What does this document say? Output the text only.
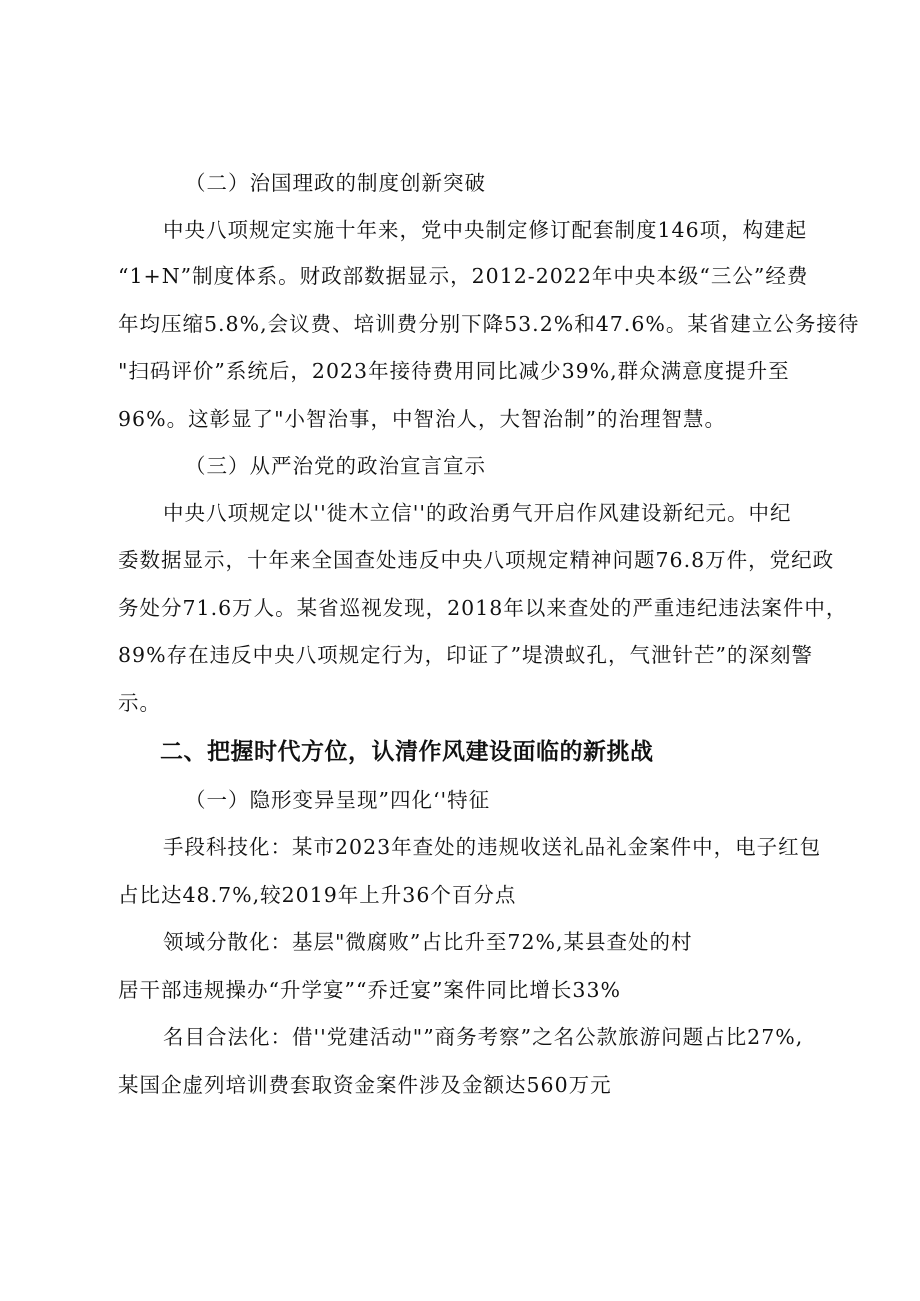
（二）治国理政的制度创新突破
中央八项规定实施十年来，党中央制定修订配套制度146项，构建起
“1+N”制度体系。财政部数据显示，2012-2022年中央本级“三公”经费
年均压缩5.8%,会议费、培训费分别下降53.2%和47.6%。某省建立公务接待
"扫码评价”系统后，2023年接待费用同比减少39%,群众满意度提升至
96%。这彰显了"小智治事，中智治人，大智治制”的治理智慧。
（三）从严治党的政治宣言宣示
中央八项规定以''徙木立信''的政治勇气开启作风建设新纪元。中纪
委数据显示，十年来全国查处违反中央八项规定精神问题76.8万件，党纪政
务处分71.6万人。某省巡视发现，2018年以来查处的严重违纪违法案件中，
89%存在违反中央八项规定行为，印证了”堤溃蚁孔，气泄针芒”的深刻警
示。
二、把握时代方位，认清作风建设面临的新挑战
（一）隐形变异呈现”四化‘'特征
手段科技化：某市2023年查处的违规收送礼品礼金案件中，电子红包
占比达48.7%,较2019年上升36个百分点
领域分散化：基层"微腐败”占比升至72%,某县查处的村
居干部违规操办“升学宴”“乔迁宴”案件同比增长33%
名目合法化：借''党建活动"”商务考察”之名公款旅游问题占比27%,
某国企虚列培训费套取资金案件涉及金额达560万元
